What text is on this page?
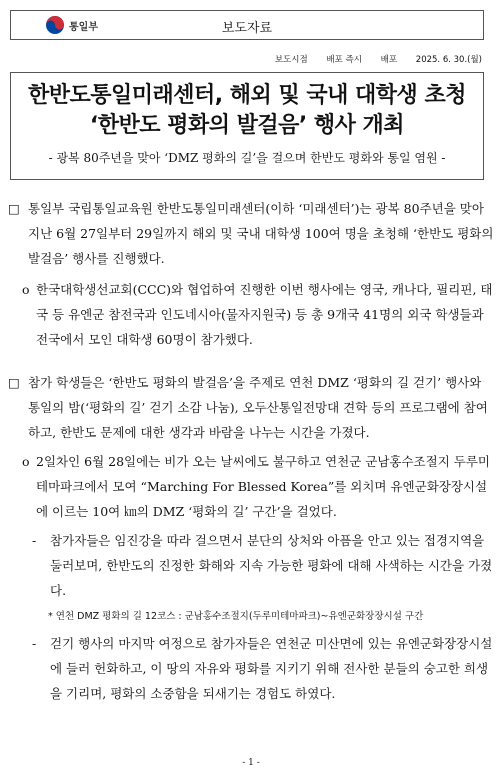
통일부	보도자료
보도시점 배포 즉시 배포 2025. 6. 30.(월)
한반도통일미래센터, 해외 및 국내 대학생 초청
‘한반도 평화의 발걸음’ 행사 개최
- 광복 80주년을 맞아 ‘DMZ 평화의 길’을 걸으며 한반도 평화와 통일 염원 -
□ 통일부 국립통일교육원 한반도통일미래센터(이하 ‘미래센터’)는 광복 80주년을 맞아 지난 6월 27일부터 29일까지 해외 및 국내 대학생 100여 명을 초청해 ‘한반도 평화의 발걸음’ 행사를 진행했다.
o 한국대학생선교회(CCC)와 협업하여 진행한 이번 행사에는 영국, 캐나다, 필리핀, 태국 등 유엔군 참전국과 인도네시아(물자지원국) 등 총 9개국 41명의 외국 학생들과 전국에서 모인 대학생 60명이 참가했다.
□ 참가 학생들은 ‘한반도 평화의 발걸음’을 주제로 연천 DMZ ‘평화의 길 걷기’ 행사와 통일의 밤(‘평화의 길’ 걷기 소감 나눔), 오두산통일전망대 견학 등의 프로그램에 참여하고, 한반도 문제에 대한 생각과 바람을 나누는 시간을 가졌다.
o 2일차인 6월 28일에는 비가 오는 날씨에도 불구하고 연천군 군남홍수조절지 두루미테마파크에서 모여 “Marching For Blessed Korea”를 외치며 유엔군화장장시설에 이르는 10여 ㎞의 DMZ ‘평화의 길’ 구간’을 걸었다.
- 참가자들은 임진강을 따라 걸으면서 분단의 상처와 아픔을 안고 있는 접경지역을 둘러보며, 한반도의 진정한 화해와 지속 가능한 평화에 대해 사색하는 시간을 가졌다.
* 연천 DMZ 평화의 길 12코스 : 군남홍수조절지(두루미테마파크)~유엔군화장장시설 구간
- 걷기 행사의 마지막 여정으로 참가자들은 연천군 미산면에 있는 유엔군화장장시설에 들러 헌화하고, 이 땅의 자유와 평화를 지키기 위해 전사한 분들의 숭고한 희생을 기리며, 평화의 소중함을 되새기는 경험도 하였다.
- 1 -
